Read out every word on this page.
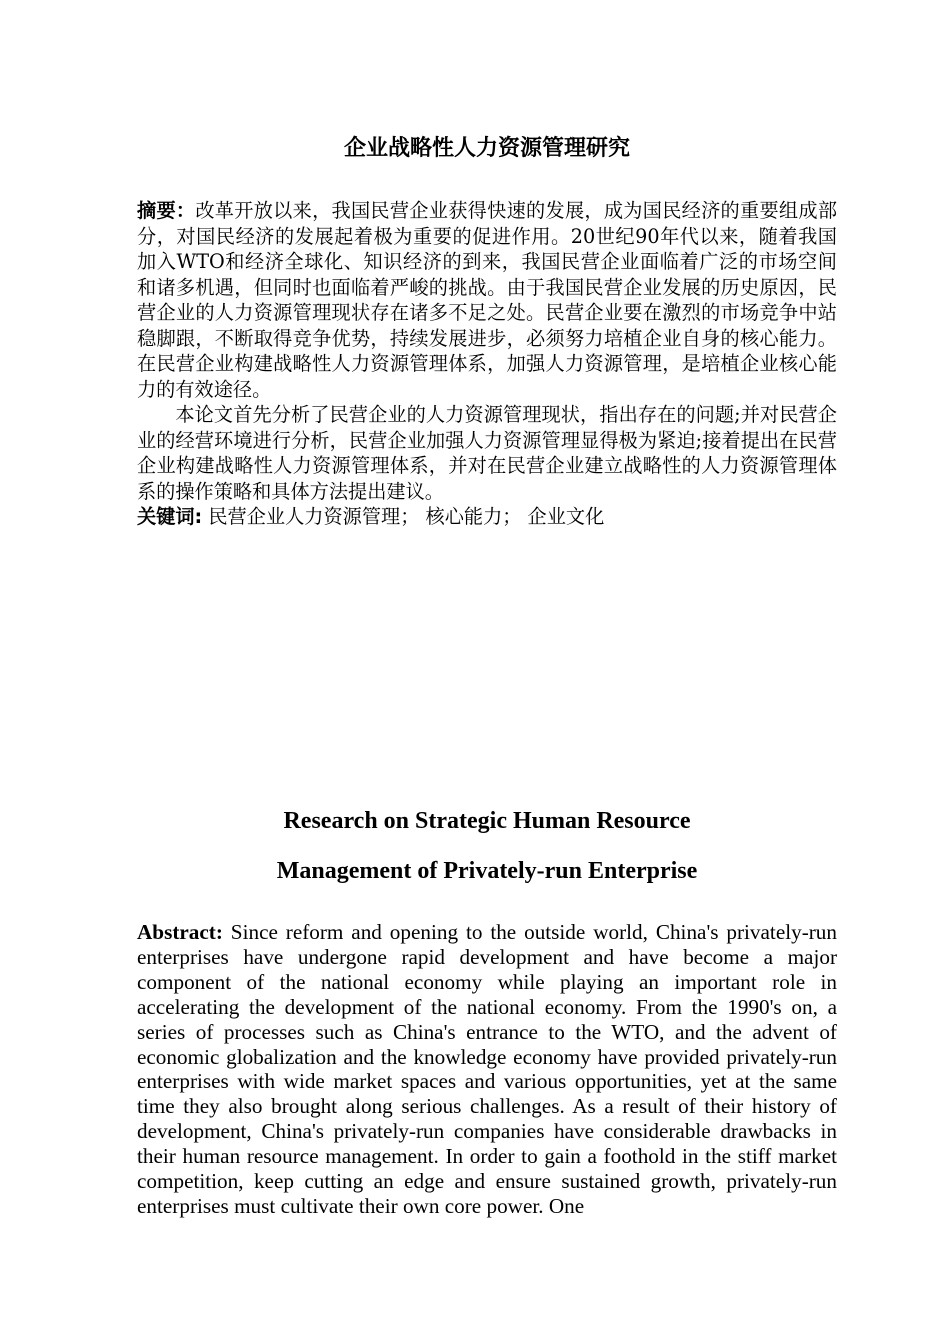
企业战略性人力资源管理研究

摘要：改革开放以来，我国民营企业获得快速的发展，成为国民经济的重要组成部分，对国民经济的发展起着极为重要的促进作用。20世纪90年代以来，随着我国加入WTO和经济全球化、知识经济的到来，我国民营企业面临着广泛的市场空间和诸多机遇，但同时也面临着严峻的挑战。由于我国民营企业发展的历史原因，民营企业的人力资源管理现状存在诸多不足之处。民营企业要在激烈的市场竞争中站稳脚跟，不断取得竞争优势，持续发展进步，必须努力培植企业自身的核心能力。在民营企业构建战略性人力资源管理体系，加强人力资源管理，是培植企业核心能力的有效途径。

本论文首先分析了民营企业的人力资源管理现状，指出存在的问题;并对民营企业的经营环境进行分析，民营企业加强人力资源管理显得极为紧迫;接着提出在民营企业构建战略性人力资源管理体系，并对在民营企业建立战略性的人力资源管理体系的操作策略和具体方法提出建议。

关键词: 民营企业人力资源管理； 核心能力； 企业文化

Research on Strategic Human Resource
Management of Privately-run Enterprise

Abstract: Since reform and opening to the outside world, China's privately-run enterprises have undergone rapid development and have become a major component of the national economy while playing an important role in accelerating the development of the national economy. From the 1990's on, a series of processes such as China's entrance to the WTO, and the advent of economic globalization and the knowledge economy have provided privately-run enterprises with wide market spaces and various opportunities, yet at the same time they also brought along serious challenges. As a result of their history of development, China's privately-run companies have considerable drawbacks in their human resource management. In order to gain a foothold in the stiff market competition, keep cutting an edge and ensure sustained growth, privately-run enterprises must cultivate their own core power. One
